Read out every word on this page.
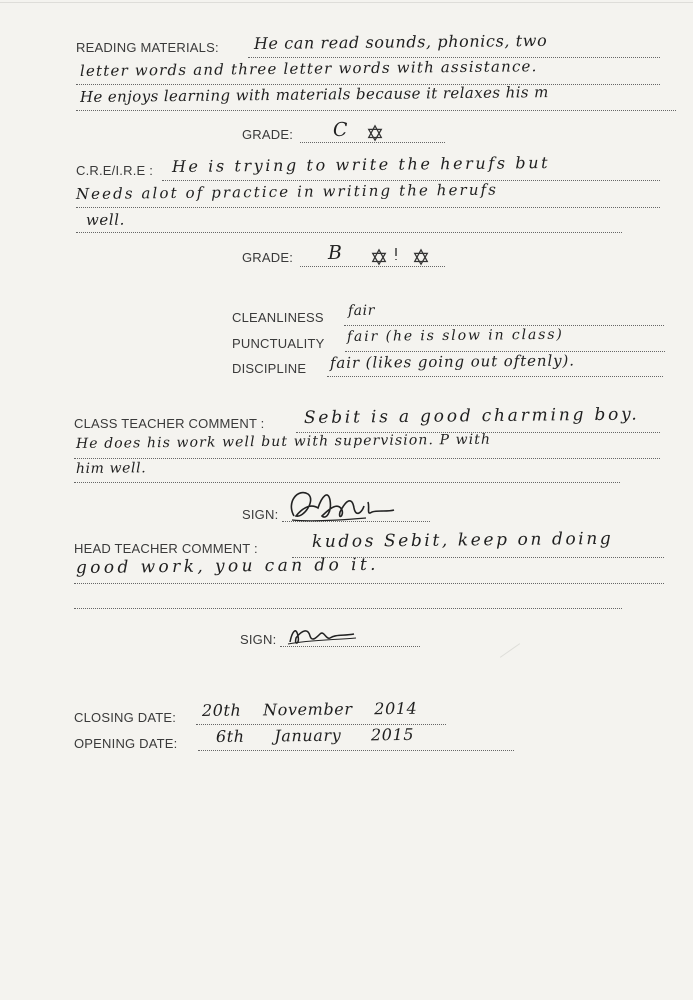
READING MATERIALS: He can read sounds, phonics, two
letter words and three letter words with assistance.
He enjoys learning with materials because it relaxes his m
GRADE: C
C.R.E/I.R.E : He is trying to write the herufs but
Needs alot of practice in writing the herufs
well.
GRADE: B
CLEANLINESS fair
PUNCTUALITY fair (he is slow in class)
DISCIPLINE fair (likes going out oftenly).
CLASS TEACHER COMMENT : Sebit is a good charming boy.
He does his work well but with supervision. P with
him well.
SIGN:
HEAD TEACHER COMMENT :	kudos Sebit, keep on doing
good work, you can do it.
SIGN:
CLOSING DATE: 20th November 2014
OPENING DATE: 6th January 2015
